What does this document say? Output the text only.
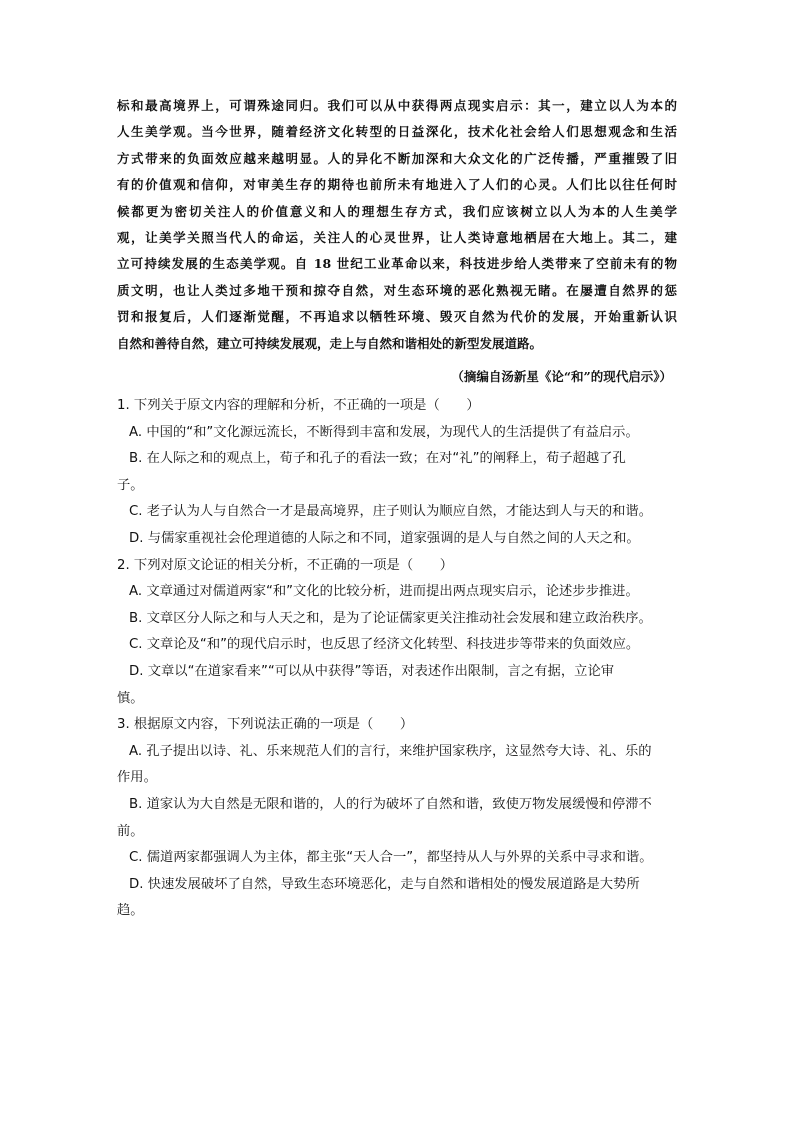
标和最高境界上，可谓殊途同归。我们可以从中获得两点现实启示：其一，建立以人为本的
人生美学观。当今世界，随着经济文化转型的日益深化，技术化社会给人们思想观念和生活
方式带来的负面效应越来越明显。人的异化不断加深和大众文化的广泛传播，严重摧毁了旧
有的价值观和信仰，对审美生存的期待也前所未有地进入了人们的心灵。人们比以往任何时
候都更为密切关注人的价值意义和人的理想生存方式，我们应该树立以人为本的人生美学
观，让美学关照当代人的命运，关注人的心灵世界，让人类诗意地栖居在大地上。其二，建
立可持续发展的生态美学观。自 18 世纪工业革命以来，科技进步给人类带来了空前未有的物
质文明，也让人类过多地干预和掠夺自然，对生态环境的恶化熟视无睹。在屡遭自然界的惩
罚和报复后，人们逐渐觉醒，不再追求以牺牲环境、毁灭自然为代价的发展，开始重新认识
自然和善待自然，建立可持续发展观，走上与自然和谐相处的新型发展道路。
（摘编自汤新星《论“和”的现代启示》）
1. 下列关于原文内容的理解和分析，不正确的一项是（　　）
A. 中国的“和”文化源远流长，不断得到丰富和发展，为现代人的生活提供了有益启示。
B. 在人际之和的观点上，荀子和孔子的看法一致；在对“礼”的阐释上，荀子超越了孔
子。
C. 老子认为人与自然合一才是最高境界，庄子则认为顺应自然，才能达到人与天的和谐。
D. 与儒家重视社会伦理道德的人际之和不同，道家强调的是人与自然之间的人天之和。
2. 下列对原文论证的相关分析，不正确的一项是（　　）
A. 文章通过对儒道两家“和”文化的比较分析，进而提出两点现实启示，论述步步推进。
B. 文章区分人际之和与人天之和，是为了论证儒家更关注推动社会发展和建立政治秩序。
C. 文章论及“和”的现代启示时，也反思了经济文化转型、科技进步等带来的负面效应。
D. 文章以“在道家看来”“可以从中获得”等语，对表述作出限制，言之有据，立论审
慎。
3. 根据原文内容，下列说法正确的一项是（　　）
A. 孔子提出以诗、礼、乐来规范人们的言行，来维护国家秩序，这显然夸大诗、礼、乐的
作用。
B. 道家认为大自然是无限和谐的，人的行为破坏了自然和谐，致使万物发展缓慢和停滞不
前。
C. 儒道两家都强调人为主体，都主张“天人合一”，都坚持从人与外界的关系中寻求和谐。
D. 快速发展破坏了自然，导致生态环境恶化，走与自然和谐相处的慢发展道路是大势所
趋。
